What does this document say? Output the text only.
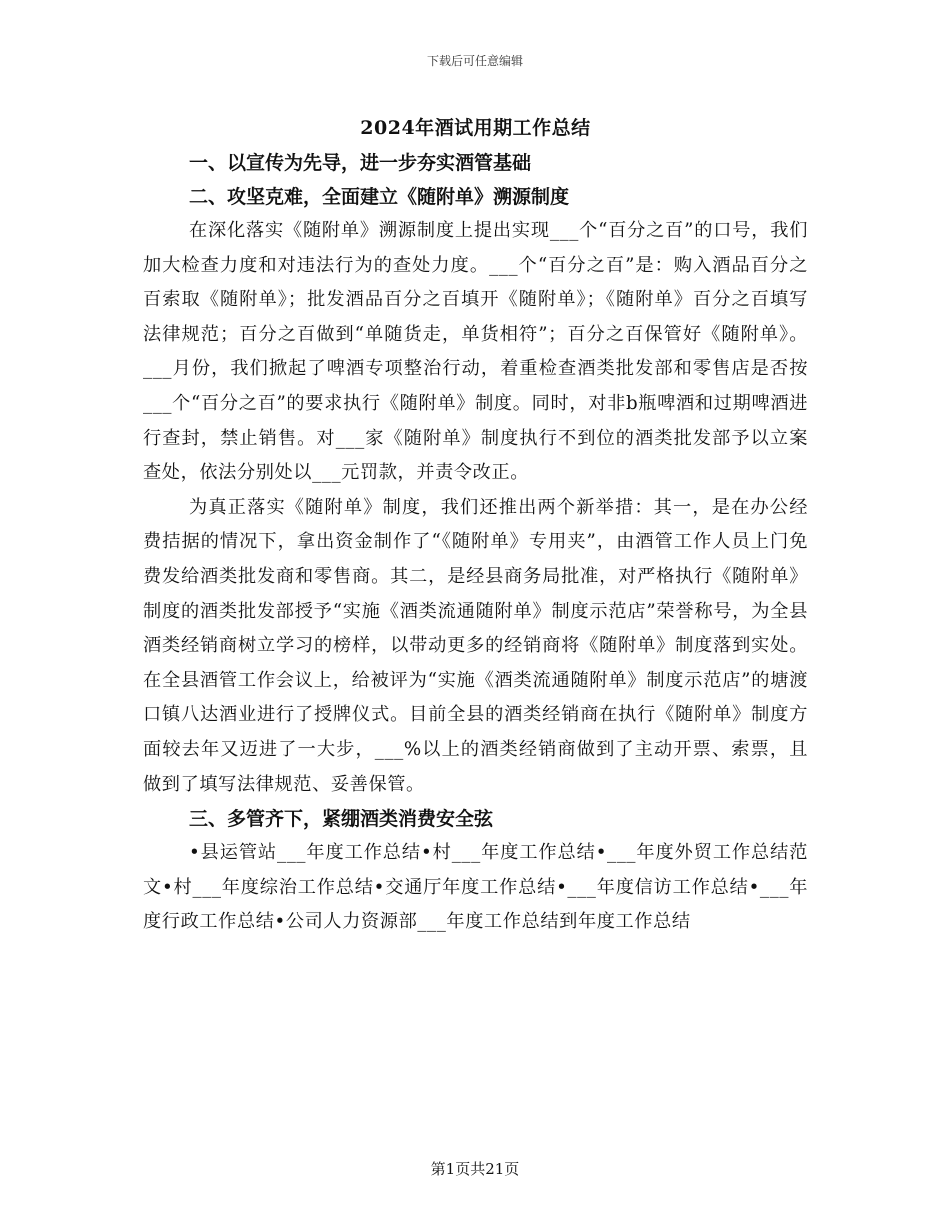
下载后可任意编辑
2024年酒试用期工作总结
一、以宣传为先导，进一步夯实酒管基础
二、攻坚克难，全面建立《随附单》溯源制度

在深化落实《随附单》溯源制度上提出实现___个“百分之百”的口号，我们加大检查力度和对违法行为的查处力度。___个“百分之百”是：购入酒品百分之百索取《随附单》；批发酒品百分之百填开《随附单》；《随附单》百分之百填写法律规范；百分之百做到“单随货走，单货相符”；百分之百保管好《随附单》。___月份，我们掀起了啤酒专项整治行动，着重检查酒类批发部和零售店是否按___个“百分之百”的要求执行《随附单》制度。同时，对非b瓶啤酒和过期啤酒进行查封，禁止销售。对___家《随附单》制度执行不到位的酒类批发部予以立案查处，依法分别处以___元罚款，并责令改正。

为真正落实《随附单》制度，我们还推出两个新举措：其一，是在办公经费拮据的情况下，拿出资金制作了“《随附单》专用夹”，由酒管工作人员上门免费发给酒类批发商和零售商。其二，是经县商务局批准，对严格执行《随附单》制度的酒类批发部授予“实施《酒类流通随附单》制度示范店”荣誉称号，为全县酒类经销商树立学习的榜样，以带动更多的经销商将《随附单》制度落到实处。在全县酒管工作会议上，给被评为“实施《酒类流通随附单》制度示范店”的塘渡口镇八达酒业进行了授牌仪式。目前全县的酒类经销商在执行《随附单》制度方面较去年又迈进了一大步，___%以上的酒类经销商做到了主动开票、索票，且做到了填写法律规范、妥善保管。

三、多管齐下，紧绷酒类消费安全弦

•县运管站___年度工作总结•村___年度工作总结•___年度外贸工作总结范文•村___年度综治工作总结•交通厅年度工作总结•___年度信访工作总结•___年度行政工作总结•公司人力资源部___年度工作总结到年度工作总结

第1页共21页
